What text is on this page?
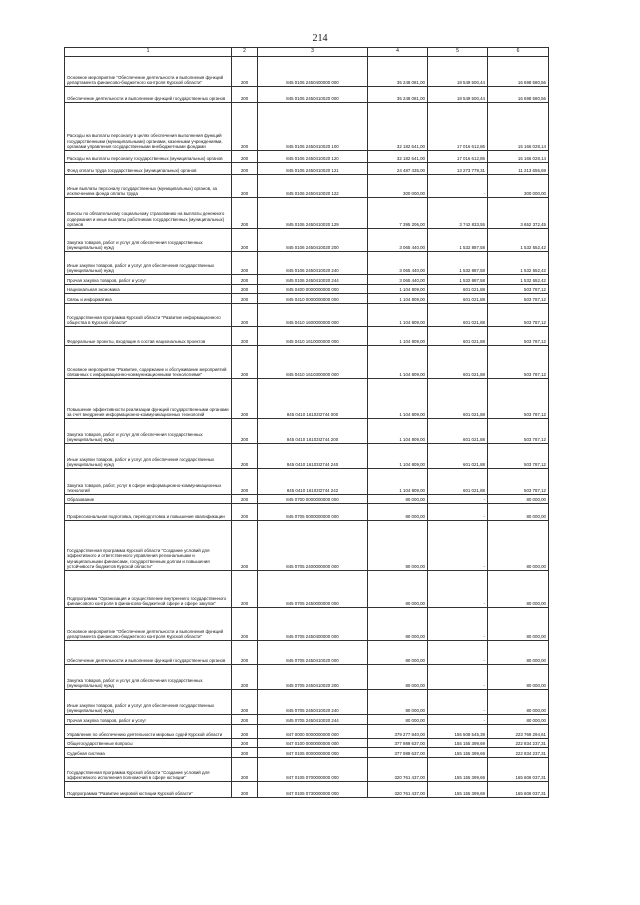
214
1	2	3	4	5	6
Основное мероприятие "Обеспечение деятельности и выполнения функций департамента финансово-бюджетного контроля Курской области"	200	845 0106 2450400000 000	35 248 081,00	18 549 500,44	16 698 580,56
Обеспечение деятельности и выполнение функций государственных органов	200	845 0106 2450410020 000	35 248 081,00	18 549 500,44	16 698 580,56
Расходы на выплаты персоналу в целях обеспечения выполнения функций государственными (муниципальными) органами, казенными учреждениями, органами управления государственными внебюджетными фондами	200	845 0106 2450410020 100	32 182 641,00	17 016 612,86	15 166 028,14
Расходы на выплаты персоналу государственных (муниципальных) органов	200	845 0106 2450410020 120	32 182 641,00	17 016 612,86	15 166 028,14
Фонд оплаты труда государственных (муниципальных) органов	200	845 0106 2450410020 121	24 487 435,00	13 273 779,31	11 213 655,69
Иные выплаты персоналу государственных (муниципальных) органов, за исключением фонда оплаты труда	200	845 0106 2450410020 122	300 000,00	-	300 000,00
Взносы по обязательному социальному страхованию на выплаты денежного содержания и иные выплаты работникам государственных (муниципальных) органов	200	845 0106 2450410020 129	7 395 206,00	3 742 833,55	3 652 372,45
Закупка товаров, работ и услуг для обеспечения государственных (муниципальных) нужд	200	845 0106 2450410020 200	3 065 440,00	1 532 887,58	1 532 552,42
Иные закупки товаров, работ и услуг для обеспечения государственных (муниципальных) нужд	200	845 0106 2450410020 240	3 065 440,00	1 532 887,58	1 532 552,42
Прочая закупка товаров, работ и услуг	200	845 0106 2450410020 244	3 065 440,00	1 532 887,58	1 532 552,42
Национальная экономика	200	845 0400 0000000000 000	1 104 809,00	601 021,88	503 787,12
Связь и информатика	200	845 0410 0000000000 000	1 104 809,00	601 021,88	503 787,12
Государственная программа Курской области "Развитие информационного общества в Курской области"	200	845 0410 1600000000 000	1 104 809,00	601 021,88	503 787,12
Федеральные проекты, входящие в состав национальных проектов	200	845 0410 1610000000 000	1 104 809,00	601 021,88	503 787,12
Основное мероприятие "Развитие, содержание и обслуживание мероприятий связанных с информационно-коммуникационными технологиями"	200	845 0410 1610300000 000	1 104 809,00	601 021,88	503 787,12
Повышение эффективности реализации функций государственными органами за счет внедрения информационно-коммуникационных технологий	200	845 0410 16103I2744 000	1 104 809,00	601 021,88	503 787,12
Закупка товаров, работ и услуг для обеспечения государственных (муниципальных) нужд	200	845 0410 16103I2744 200	1 104 809,00	601 021,88	503 787,12
Иные закупки товаров, работ и услуг для обеспечения государственных (муниципальных) нужд	200	845 0410 16103I2744 240	1 104 809,00	601 021,88	503 787,12
Закупка товаров, работ, услуг в сфере информационно-коммуникационных технологий	200	845 0410 16103I2744 242	1 104 809,00	601 021,88	503 787,12
Образование	200	845 0700 0000000000 000	80 000,00	-	80 000,00
Профессиональная подготовка, переподготовка и повышение квалификации	200	845 0705 0000000000 000	80 000,00	-	80 000,00
Государственная программа Курской области "Создание условий для эффективного и ответственного управления региональными и муниципальными финансами, государственным долгом и повышения устойчивости бюджетов Курской области"	200	845 0705 2400000000 000	80 000,00	-	80 000,00
Подпрограмма "Организация и осуществление внутреннего государственного финансового контроля в финансово-бюджетной сфере и сфере закупок"	200	845 0705 2450000000 000	80 000,00	-	80 000,00
Основное мероприятие "Обеспечение деятельности и выполнения функций департамента финансово-бюджетного контроля Курской области"	200	845 0705 2450400000 000	80 000,00	-	80 000,00
Обеспечение деятельности и выполнение функций государственных органов	200	845 0705 2450410020 000	80 000,00	-	80 000,00
Закупка товаров, работ и услуг для обеспечения государственных (муниципальных) нужд	200	845 0705 2450410020 200	80 000,00	-	80 000,00
Иные закупки товаров, работ и услуг для обеспечения государственных (муниципальных) нужд	200	845 0705 2450410020 240	80 000,00	-	80 000,00
Прочая закупка товаров, работ и услуг	200	845 0705 2450410020 244	80 000,00	-	80 000,00
Управление по обеспечению деятельности мировых судей Курской области	200	847 0000 0000000000 000	379 277 840,00	155 508 545,39	223 769 294,61
Общегосударственные вопросы	200	847 0100 0000000000 000	377 989 637,00	155 155 399,69	222 834 237,31
Судебная система	200	847 0105 0000000000 000	377 989 637,00	155 155 399,69	222 834 237,31
Государственная программа Курской области "Создание условий для эффективного исполнения полномочий в сфере юстиции"	200	847 0105 0700000000 000	320 761 437,00	155 155 399,69	165 606 037,31
Подпрограмма "Развитие мировой юстиции Курской области"	200	847 0105 0730000000 000	320 761 437,00	155 155 399,69	165 606 037,31
